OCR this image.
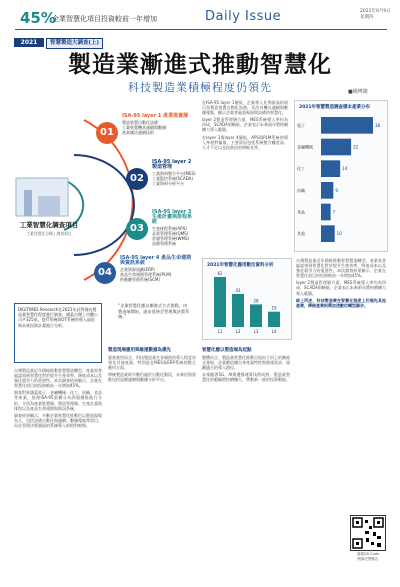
45%
企業智慧化項目投資較前一年增加	Daily Issue	2021年6月9日
星期四
2021	智慧製造大調查(上)
製造業漸進式推動智慧化
科技製造業積極程度仍領先	■楊博雄
01
ISA-95 layer 1 產業裝置層
製造裝置自動化設備
工業裝置機具連網與數據
產業廣泛連網技術
02
ISA-95 layer 2 製造管理
工業資料整合平台(MES)
工業監控系統(SCADA)
工業資料分析平台
03
ISA-95 layer 3 生產計畫與排程系統
生產排程系統(APS)
品質管理系統(QMS)
倉儲管理系統(WMS)
設備管理系統
04
ISA-95 layer 4 產品生命週期與資訊系統
企業資源規劃(ERP)
產品生命週期管理系統(PLM)
供應鏈管理系統(SCM)
工業智慧化調查項目
工業智慧化分類 | 調查項目
DIGITIMES Research在2021年針對國內製造業智慧化程度進行調查，涵蓋台灣上市櫃公司共325家，從IT系統與OT系統的導入現況與未來投資計畫進行分析。
“企業智慧化應以漸進式方式推動，由製造端開始，逐步延伸至管理與決策系統。”

台灣製造業近年積極推動智慧製造轉型，產業界普遍認知到智慧化對於提升生產效率、降低成本以及強化競爭力的重要性。本次調查結果顯示，企業在智慧化項目的投資較前一年增加45%。

調查對象涵蓋電子、金屬機械、化工、紡織、食品等產業，依照ISA-95架構分為四個層級進行分析，分別為產業裝置層、製造管理層、生產計畫與排程以及產品生命週期與資訊系統。

調查結果顯示，多數企業智慧化推動仍以製造現場為主，包括設備自動化與連網、數據蒐集等項目，而在管理決策層面的系統導入則相對較慢。

製造現場應用與維運數據為優先

就產業別而言，科技製造業在各層級的導入程度皆領先其他產業，特別是在MES與ERP系統的整合應用方面。

傳統製造業則多數仍處於自動化階段，未來投資重點包括設備連網與數據分析平台。

在ISA-95 layer 1層級，企業導入比例最高的項目為製造裝置自動化設備，其次為機具連網與數據蒐集，顯示企業普遍重視現場設備的智慧化。

layer 2製造管理層方面，MES系統導入率約為四成，SCADA則略低，企業表示未來兩年將持續擴大導入範圍。

在layer 3與layer 4層級，APS與PLM系統的導入率相對偏低，主要原因包括系統整合難度高、人才不足以及投資回收期較長等。

2021年智慧製造調查樣本產業分布
電子	38
金屬機械	22
化工	14
紡織	9
食品	7
其他	10
2021年智慧化應用數位資料分析
L1
62
L2
41
L3
28
L4
19
智慧化應以製造端為起點

整體而言，製造業智慧化推動呈現由下而上的漸進式發展，企業應依據自身產業特性與營運需求，規劃適合的導入路徑。

未來隨著5G、AI與邊緣運算技術成熟，製造業智慧化的範疇將持續擴大，帶動新一波的投資動能。

台灣製造業近年積極推動智慧製造轉型，產業界普遍認知到智慧化對於提升生產效率、降低成本以及強化競爭力的重要性。本次調查結果顯示，企業在智慧化項目的投資較前一年增加45%。

layer 2製造管理層方面，MES系統導入率約為四成，SCADA則略低，企業表示未來兩年將持續擴大導入範圍。

綜上所述，科技製造業在智慧化程度上仍領先其他產業，傳統產業則需加速數位轉型腳步。

掃描QR Code
閱讀完整報告
